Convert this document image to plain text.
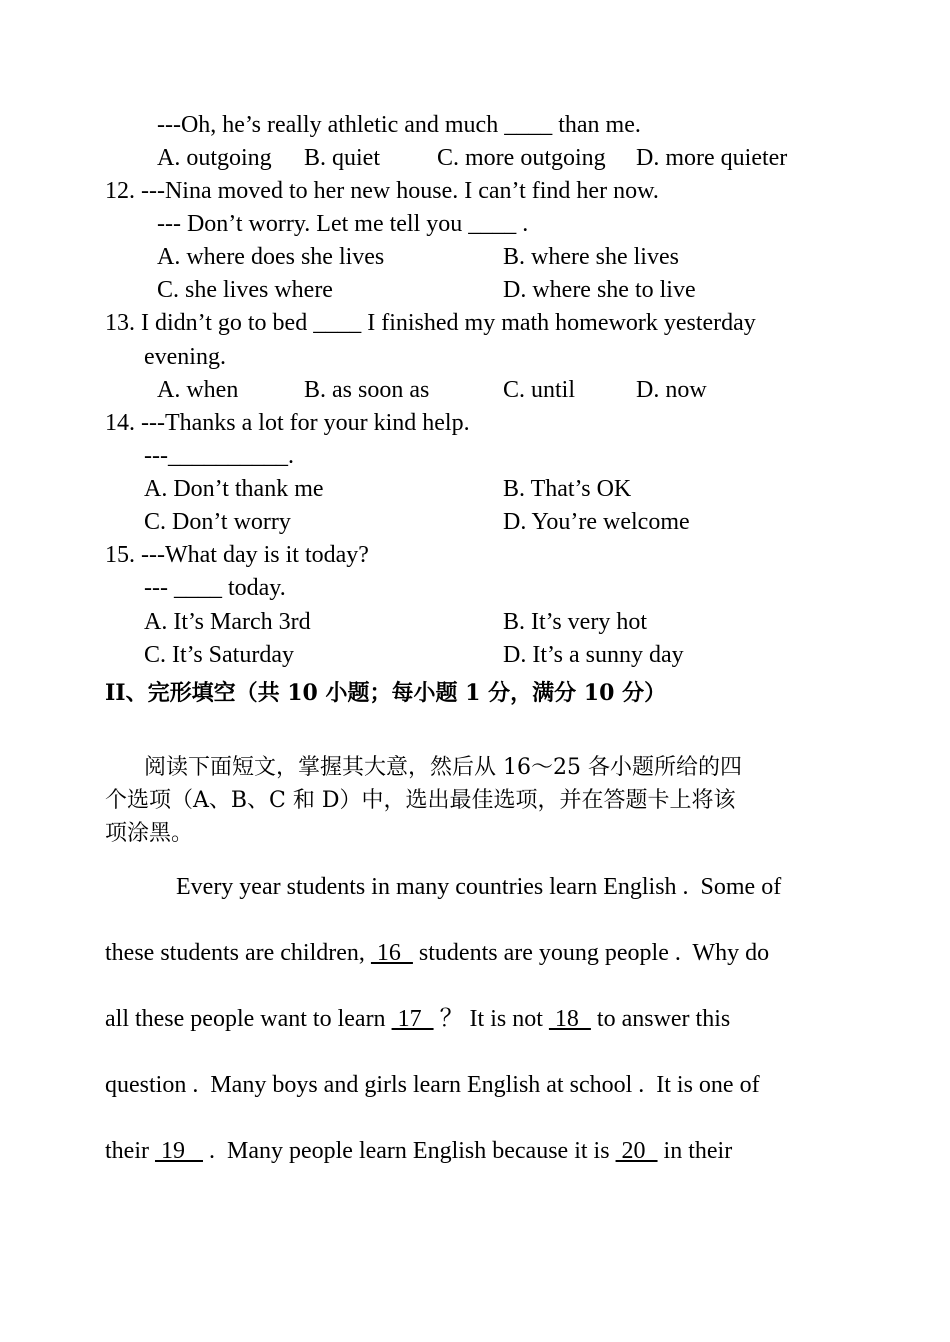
---Oh, he’s really athletic and much ____ than me.
A. outgoing B. quiet C. more outgoing D. more quieter
12. ---Nina moved to her new house. I can’t find her now.
--- Don’t worry. Let me tell you ____ .
A. where does she lives	B. where she lives
C. she lives where	D. where she to live
13. I didn’t go to bed ____ I finished my math homework yesterday
evening.
A. when	B. as soon as	C. until	D. now
14. ---Thanks a lot for your kind help.
---__________.
A. Don’t thank me	B. That’s OK
C. Don’t worry	D. You’re welcome
15. ---What day is it today?
--- ____ today.
A. It’s March 3rd	B. It’s very hot
C. It’s Saturday	D. It’s a sunny day
II、完形填空（共 10 小题；每小题 1 分，满分 10 分）
阅读下面短文，掌握其大意，然后从 16～25 各小题所给的四
个选项（A、B、C 和 D）中，选出最佳选项，并在答题卡上将该
项涂黑。
Every year students in many countries learn English .  Some of
these students are children,  16   students are young people .  Why do
all these people want to learn  17   ？ It is not  18   to answer this
question .  Many boys and girls learn English at school .  It is one of
their  19    .  Many people learn English because it is  20   in their
